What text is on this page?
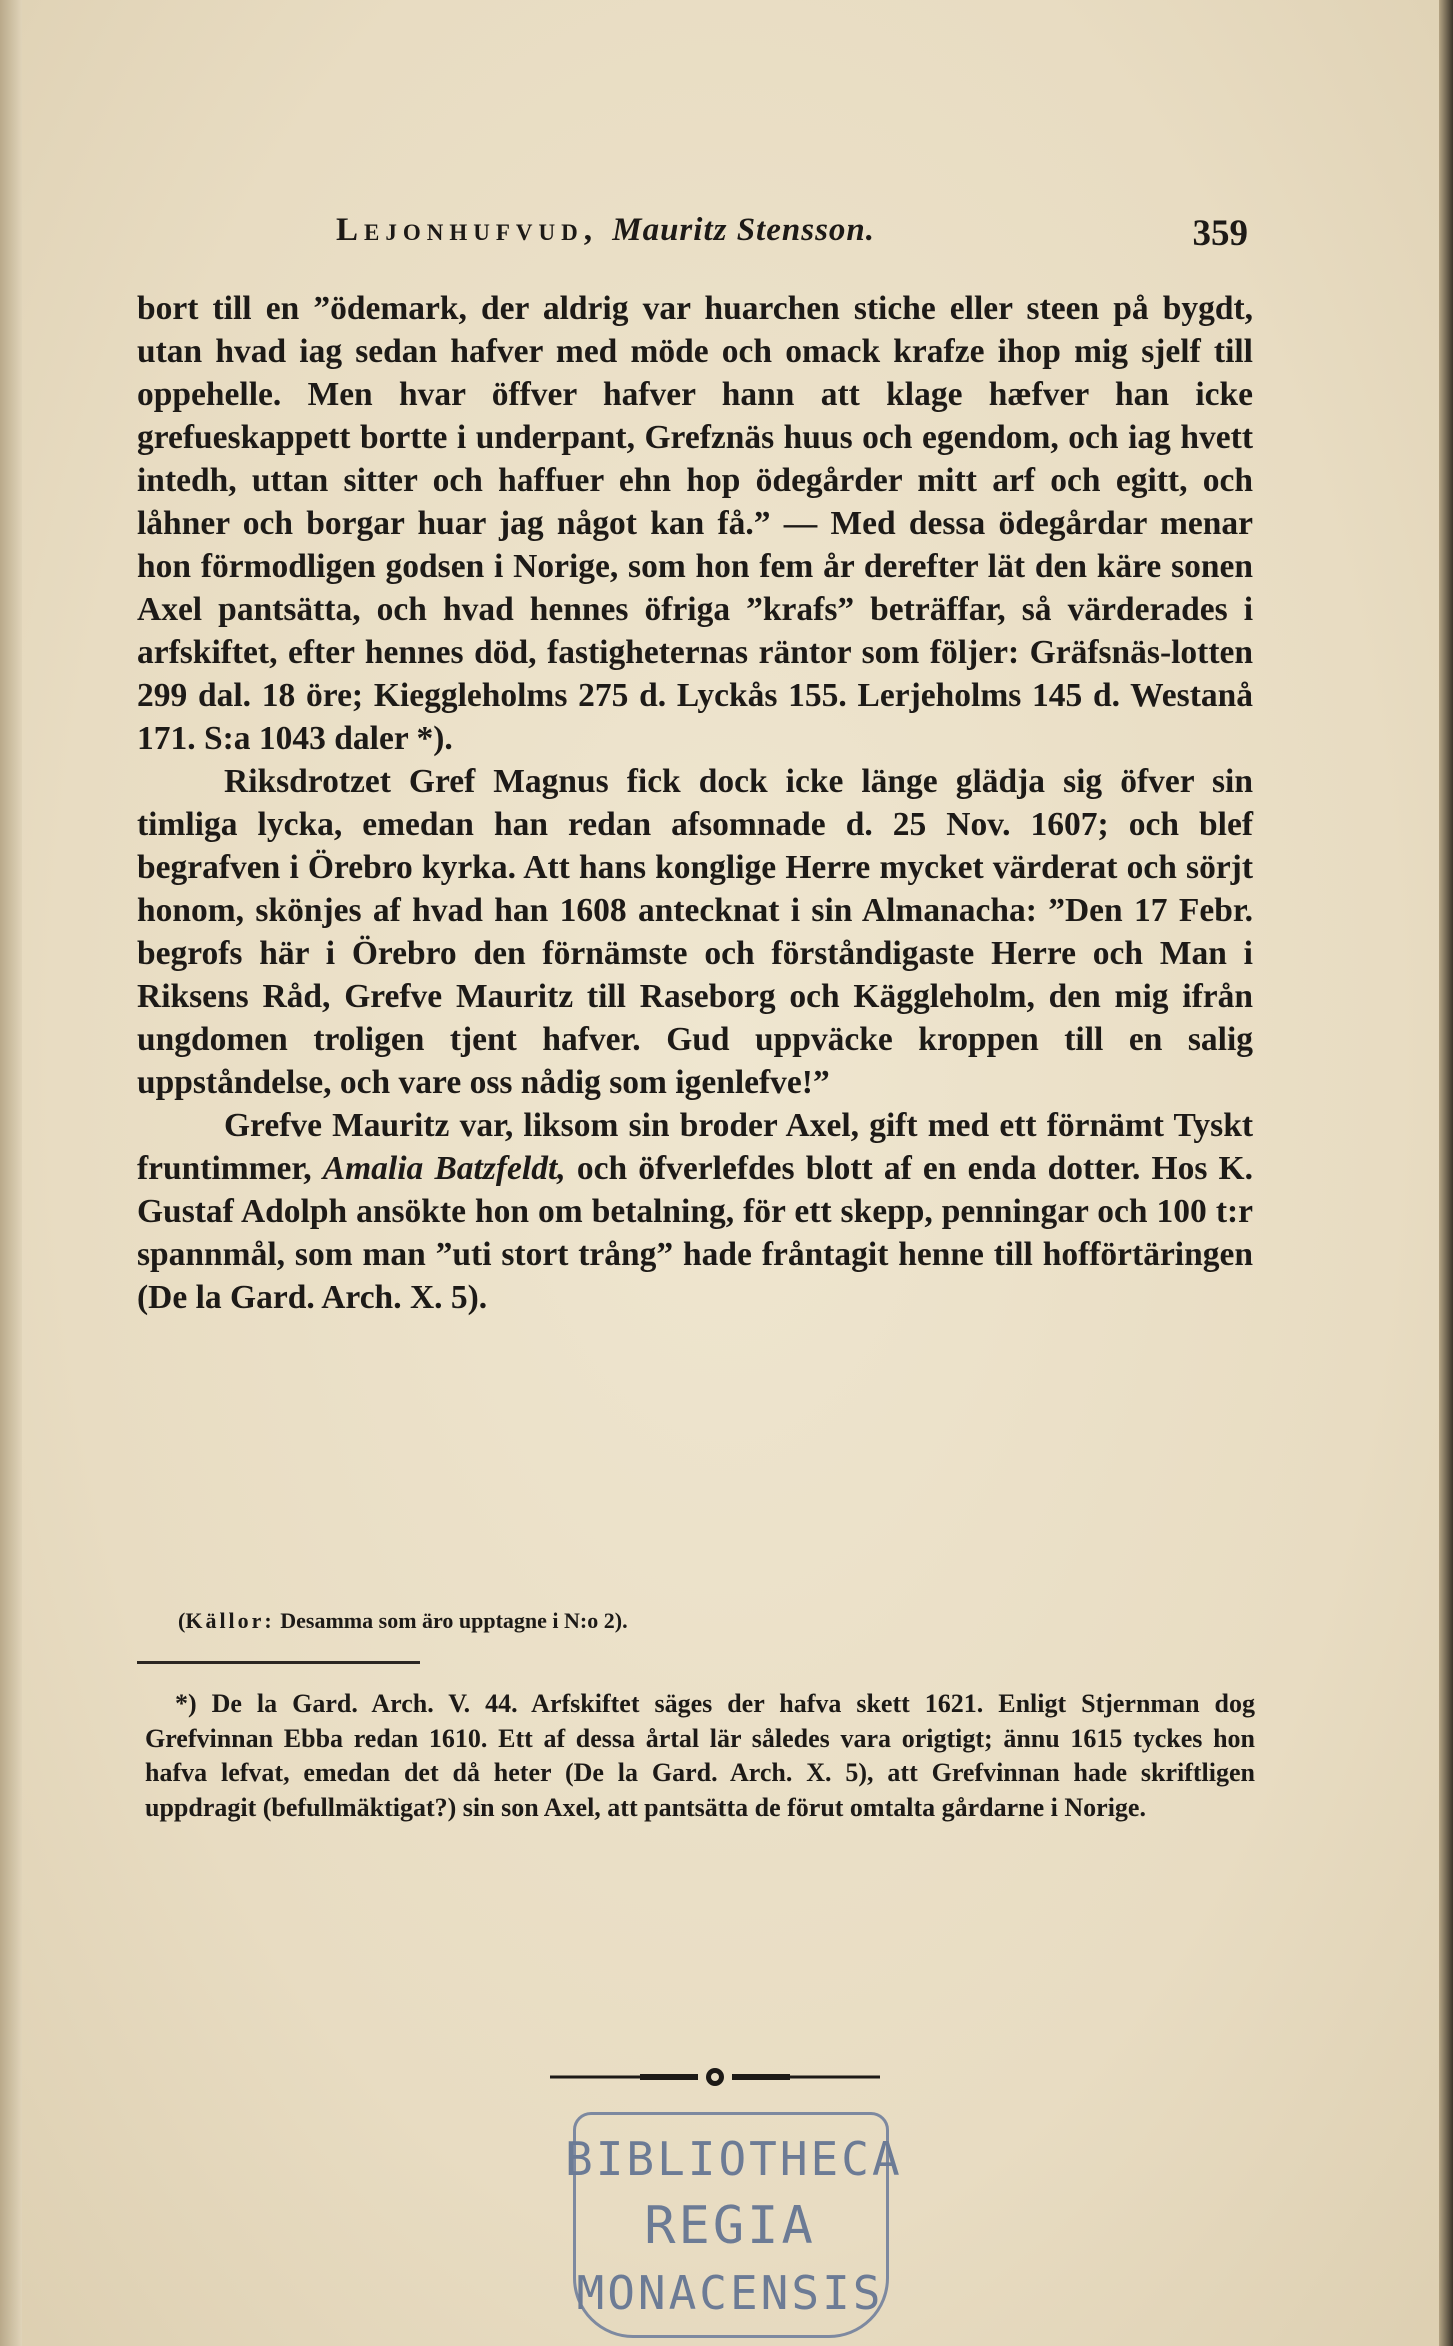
Lejonhufvud, Mauritz Stensson.	359

bort till en ”ödemark, der aldrig var huarchen stiche eller steen på bygdt, utan hvad iag sedan hafver med möde och omack krafze ihop mig sjelf till oppehelle. Men hvar öffver hafver hann att klage hæfver han icke grefueskappett bortte i underpant, Grefznäs huus och egendom, och iag hvett intedh, uttan sitter och haffuer ehn hop ödegårder mitt arf och egitt, och låhner och borgar huar jag något kan få.” — Med dessa ödegårdar menar hon förmodligen godsen i Norige, som hon fem år derefter lät den käre sonen Axel pantsätta, och hvad hennes öfriga ”krafs” beträffar, så värderades i arfskiftet, efter hennes död, fastigheternas räntor som följer: Gräfsnäs-lotten 299 dal. 18 öre; Kieggleholms 275 d. Lyckås 155. Lerjeholms 145 d. Westanå 171. S:a 1043 daler *).

Riksdrotzet Gref Magnus fick dock icke länge glädja sig öfver sin timliga lycka, emedan han redan afsomnade d. 25 Nov. 1607; och blef begrafven i Örebro kyrka. Att hans konglige Herre mycket värderat och sörjt honom, skönjes af hvad han 1608 antecknat i sin Almanacha: ”Den 17 Febr. begrofs här i Örebro den förnämste och förståndigaste Herre och Man i Riksens Råd, Grefve Mauritz till Raseborg och Käggleholm, den mig ifrån ungdomen troligen tjent hafver. Gud uppväcke kroppen till en salig uppståndelse, och vare oss nådig som igenlefve!”

Grefve Mauritz var, liksom sin broder Axel, gift med ett förnämt Tyskt fruntimmer, Amalia Batzfeldt, och öfverlefdes blott af en enda dotter. Hos K. Gustaf Adolph ansökte hon om betalning, för ett skepp, penningar och 100 t:r spannmål, som man ”uti stort trång” hade fråntagit henne till hofförtäringen (De la Gard. Arch. X. 5).

(Källor: Desamma som äro upptagne i N:o 2).

*) De la Gard. Arch. V. 44. Arfskiftet säges der hafva skett 1621. Enligt Stjernman dog Grefvinnan Ebba redan 1610. Ett af dessa årtal lär således vara origtigt; ännu 1615 tyckes hon hafva lefvat, emedan det då heter (De la Gard. Arch. X. 5), att Grefvinnan hade skriftligen uppdragit (befullmäktigat?) sin son Axel, att pantsätta de förut omtalta gårdarne i Norige.

BIBLIOTHECA
REGIA
MONACENSIS
